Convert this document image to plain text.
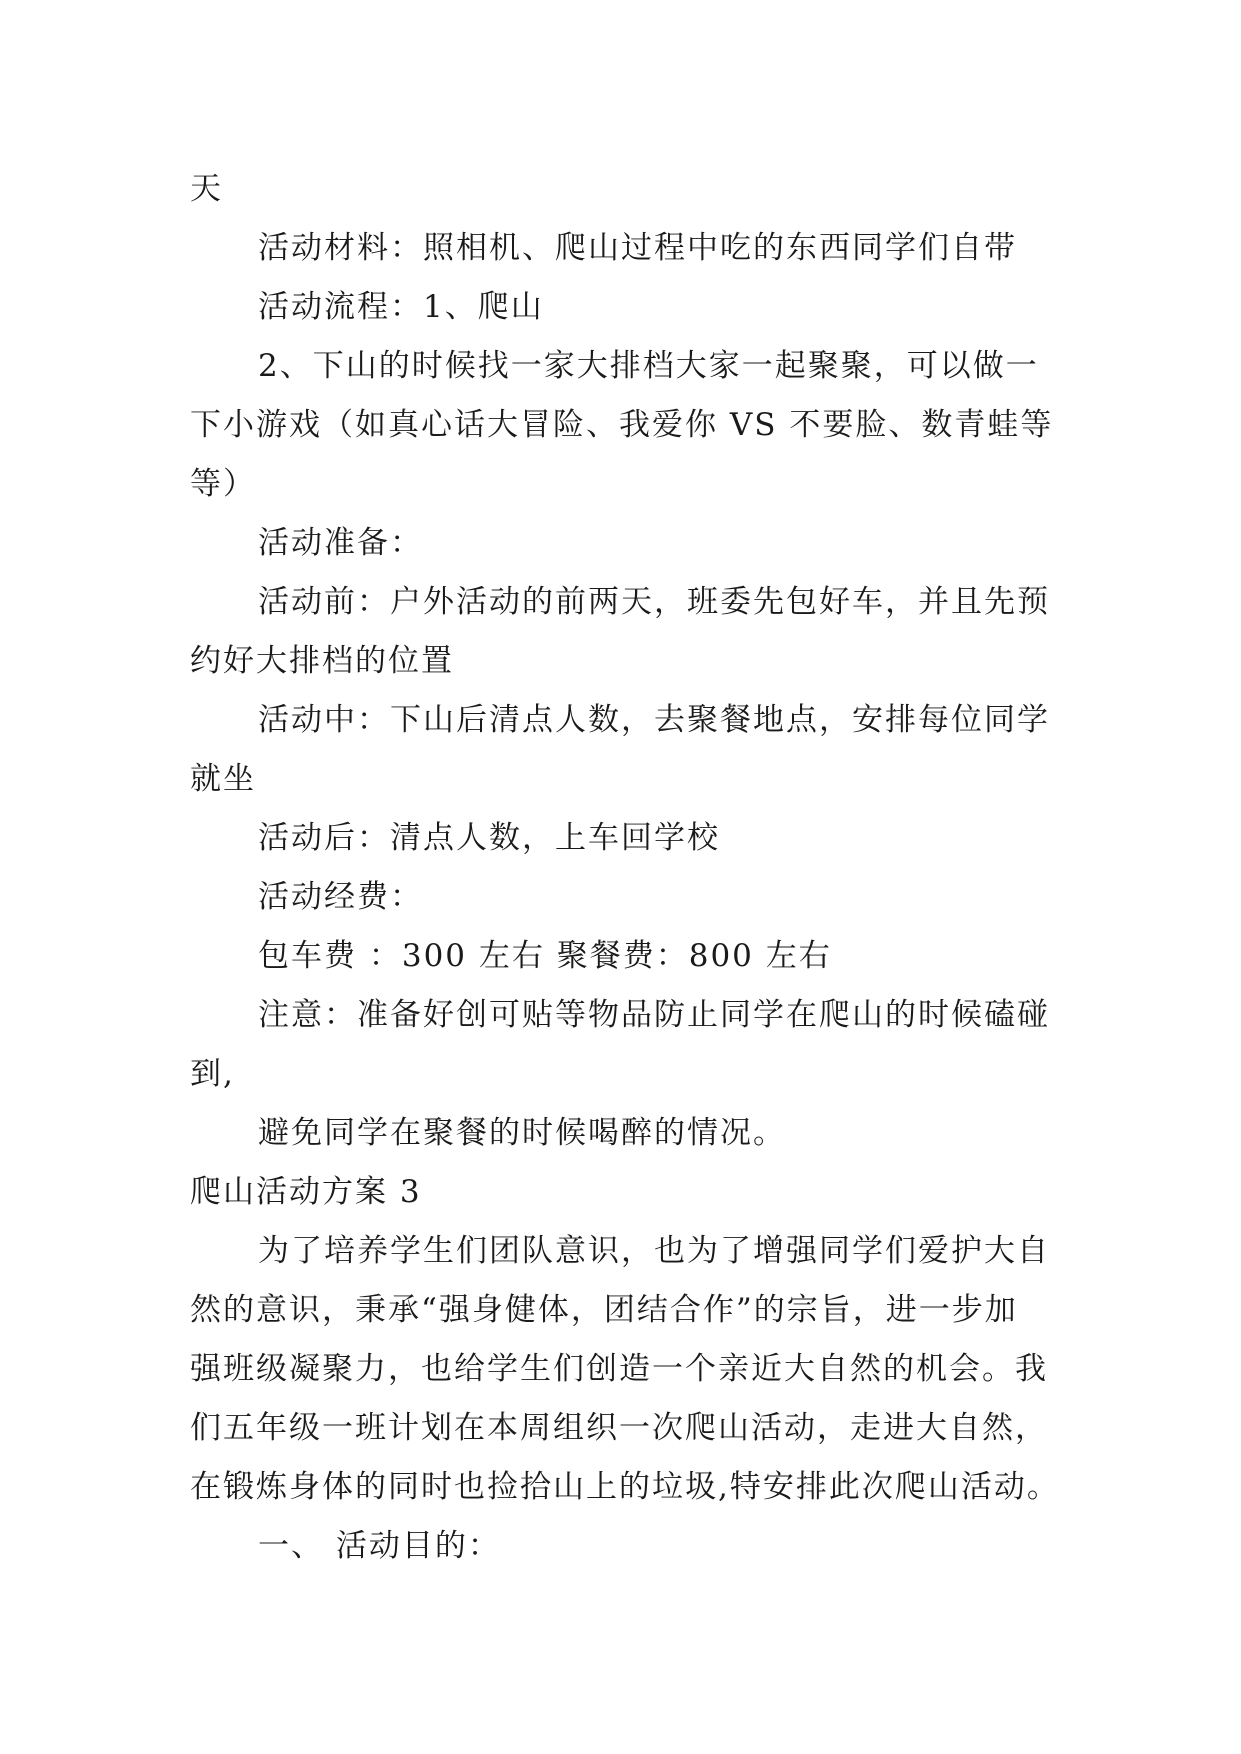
天
活动材料：照相机、爬山过程中吃的东西同学们自带
活动流程：1、爬山
2、下山的时候找一家大排档大家一起聚聚，可以做一
下小游戏（如真心话大冒险、我爱你 VS 不要脸、数青蛙等
等）
活动准备：
活动前：户外活动的前两天，班委先包好车，并且先预
约好大排档的位置
活动中：下山后清点人数，去聚餐地点，安排每位同学
就坐
活动后：清点人数，上车回学校
活动经费：
包车费 ：300 左右 聚餐费：800 左右
注意：准备好创可贴等物品防止同学在爬山的时候磕碰
到,
避免同学在聚餐的时候喝醉的情况。
爬山活动方案 3
为了培养学生们团队意识，也为了增强同学们爱护大自
然的意识，秉承“强身健体，团结合作”的宗旨，进一步加
强班级凝聚力，也给学生们创造一个亲近大自然的机会。我
们五年级一班计划在本周组织一次爬山活动，走进大自然，
在锻炼身体的同时也捡拾山上的垃圾,特安排此次爬山活动。
一、 活动目的：
